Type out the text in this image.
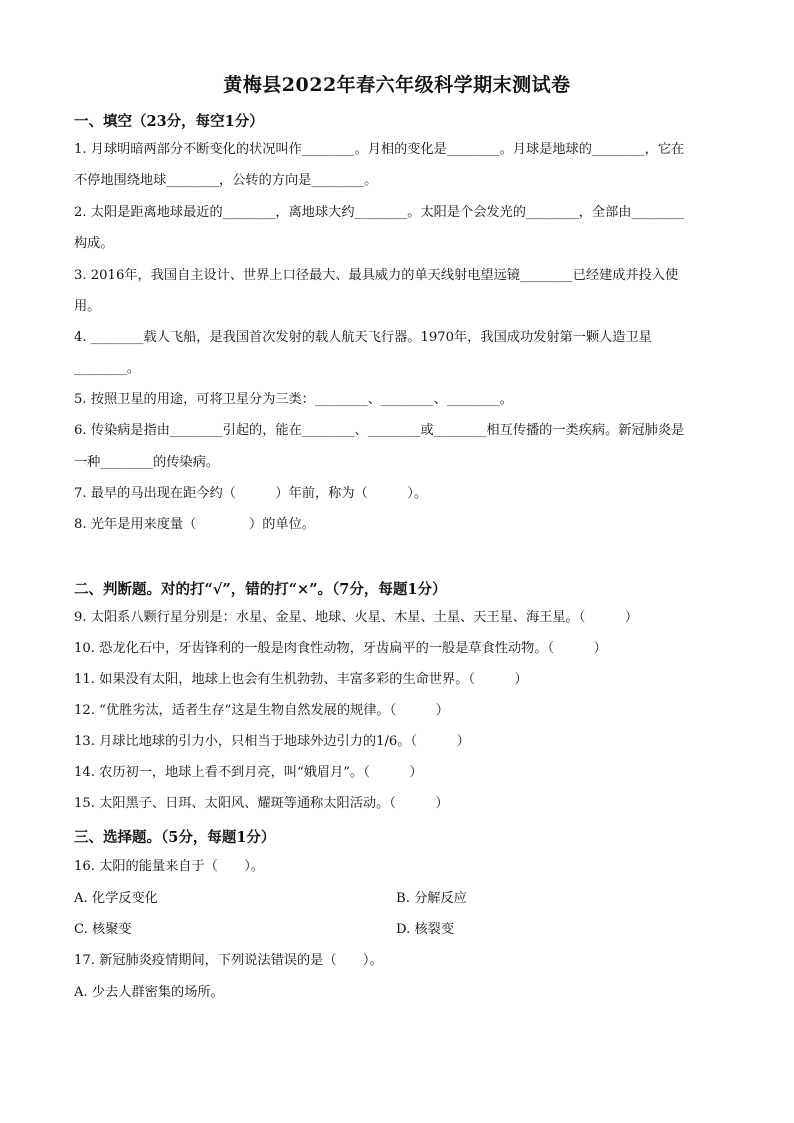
黄梅县2022年春六年级科学期末测试卷
一、填空（23分，每空1分）
1. 月球明暗两部分不断变化的状况叫作________。月相的变化是________。月球是地球的________，它在
不停地围绕地球________，公转的方向是________。
2. 太阳是距离地球最近的________，离地球大约________。太阳是个会发光的________，全部由________
构成。
3. 2016年，我国自主设计、世界上口径最大、最具威力的单天线射电望远镜________已经建成并投入使
用。
4. ________载人飞船，是我国首次发射的载人航天飞行器。1970年，我国成功发射第一颗人造卫星
________。
5. 按照卫星的用途，可将卫星分为三类：________、________、________。
6. 传染病是指由________引起的，能在________、________或________相互传播的一类疾病。新冠肺炎是
一种________的传染病。
7. 最早的马出现在距今约（　　　）年前，称为（　　　）。
8. 光年是用来度量（　　　　）的单位。
二、判断题。对的打“√”，错的打“×”。（7分，每题1分）
9. 太阳系八颗行星分别是：水星、金星、地球、火星、木星、土星、天王星、海王星。（　　　）
10. 恐龙化石中，牙齿锋利的一般是肉食性动物，牙齿扁平的一般是草食性动物。（　　　）
11. 如果没有太阳，地球上也会有生机勃勃、丰富多彩的生命世界。（　　　）
12. “优胜劣汰，适者生存”这是生物自然发展的规律。（　　　）
13. 月球比地球的引力小，只相当于地球外边引力的1/6。（　　　）
14. 农历初一，地球上看不到月亮，叫“娥眉月”。（　　　）
15. 太阳黑子、日珥、太阳风、耀斑等通称太阳活动。（　　　）
三、选择题。（5分，每题1分）
16. 太阳的能量来自于（　　）。
A. 化学反变化	B. 分解反应
C. 核聚变	D. 核裂变
17. 新冠肺炎疫情期间，下列说法错误的是（　　）。
A. 少去人群密集的场所。
